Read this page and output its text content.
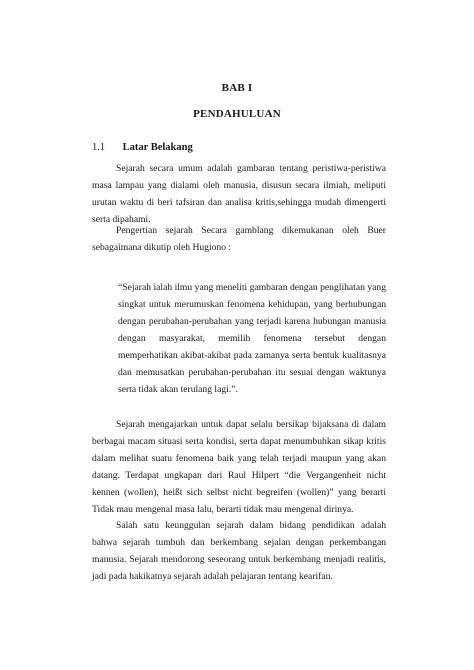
BAB I
PENDAHULUAN
1.1 Latar Belakang

Sejarah secara umum adalah gambaran tentang peristiwa-peristiwa masa lampau yang dialami oleh manusia, disusun secara ilmiah, meliputi urutan waktu di beri tafsiran dan analisa kritis,sehingga mudah dimengerti serta dipahami.

Pengertian sejarah Secara gamblang dikemukanan oleh Buer sebagaimana dikutip oleh Hugiono :

“Sejarah ialah ilmu yang meneliti gambaran dengan penglihatan yang singkat untuk merumuskan fenomena kehidupan, yang berhubungan dengan perubahan-perubahan yang terjadi karena hubungan manusia dengan masyarakat, memilih fenomena tersebut dengan memperhatikan akibat-akibat pada zamanya serta bentuk kualitasnya dan memusatkan perubahan-perubahan itu sesuai dengan waktunya serta tidak akan terulang lagi.”.

Sejarah mengajarkan untuk dapat selalu bersikap bijaksana di dalam berbagai macam situasi serta kondisi, serta dapat menumbuhkan sikap kritis dalam melihat suatu fenomena baik yang telah terjadi maupun yang akan datang. Terdapat ungkapan dari Raul Hilpert “die Vergangenheit nicht kennen (wollen), heißt sich selbst nicht begreifen (wollen)” yang berarti Tidak mau mengenal masa lalu, berarti tidak mau mengenal dirinya.

Salah satu keunggulan sejarah dalam bidang pendidikan adalah bahwa sejarah tumbuh dan berkembang sejalan dengan perkembangan manusia. Sejarah mendorong seseorang untuk berkembang menjadi realitis, jadi pada hakikatnya sejarah adalah pelajaran tentang kearifan.
